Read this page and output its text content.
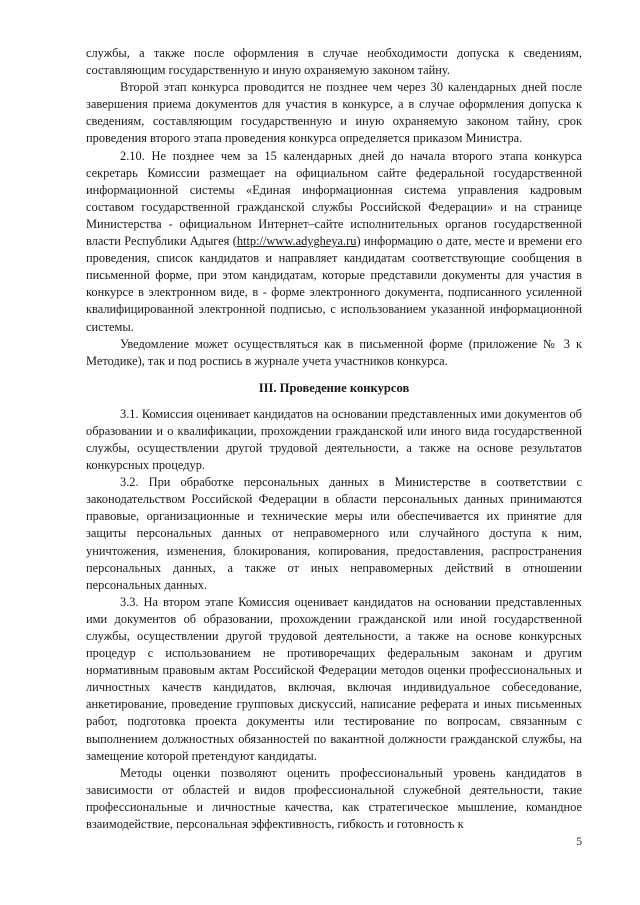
службы, а также после оформления в случае необходимости допуска к сведениям, составляющим государственную и иную охраняемую законом тайну.

Второй этап конкурса проводится не позднее чем через 30 календарных дней после завершения приема документов для участия в конкурсе, а в случае оформления допуска к сведениям, составляющим государственную и иную охраняемую законом тайну, срок проведения второго этапа проведения конкурса определяется приказом Министра.

2.10. Не позднее чем за 15 календарных дней до начала второго этапа конкурса секретарь Комиссии размещает на официальном сайте федеральной государственной информационной системы «Единая информационная система управления кадровым составом государственной гражданской службы Российской Федерации» и на странице Министерства - официальном Интернет–сайте исполнительных органов государственной власти Республики Адыгея (http://www.adygheya.ru) информацию о дате, месте и времени его проведения, список кандидатов и направляет кандидатам соответствующие сообщения в письменной форме, при этом кандидатам, которые представили документы для участия в конкурсе в электронном виде, в - форме электронного документа, подписанного усиленной квалифицированной электронной подписью, с использованием указанной информационной системы.

Уведомление может осуществляться как в письменной форме (приложение № 3 к Методике), так и под роспись в журнале учета участников конкурса.

III. Проведение конкурсов

3.1. Комиссия оценивает кандидатов на основании представленных ими документов об образовании и о квалификации, прохождении гражданской или иного вида государственной службы, осуществлении другой трудовой деятельности, а также на основе результатов конкурсных процедур.

3.2. При обработке персональных данных в Министерстве в соответствии с законодательством Российской Федерации в области персональных данных принимаются правовые, организационные и технические меры или обеспечивается их принятие для защиты персональных данных от неправомерного или случайного доступа к ним, уничтожения, изменения, блокирования, копирования, предоставления, распространения персональных данных, а также от иных неправомерных действий в отношении персональных данных.

3.3. На втором этапе Комиссия оценивает кандидатов на основании представленных ими документов об образовании, прохождении гражданской или иной государственной службы, осуществлении другой трудовой деятельности, а также на основе конкурсных процедур с использованием не противоречащих федеральным законам и другим нормативным правовым актам Российской Федерации методов оценки профессиональных и личностных качеств кандидатов, включая, включая индивидуальное собеседование, анкетирование, проведение групповых дискуссий, написание реферата и иных письменных работ, подготовка проекта документы или тестирование по вопросам, связанным с выполнением должностных обязанностей по вакантной должности гражданской службы, на замещение которой претендуют кандидаты.

Методы оценки позволяют оценить профессиональный уровень кандидатов в зависимости от областей и видов профессиональной служебной деятельности, такие профессиональные и личностные качества, как стратегическое мышление, командное взаимодействие, персональная эффективность, гибкость и готовность к

5
